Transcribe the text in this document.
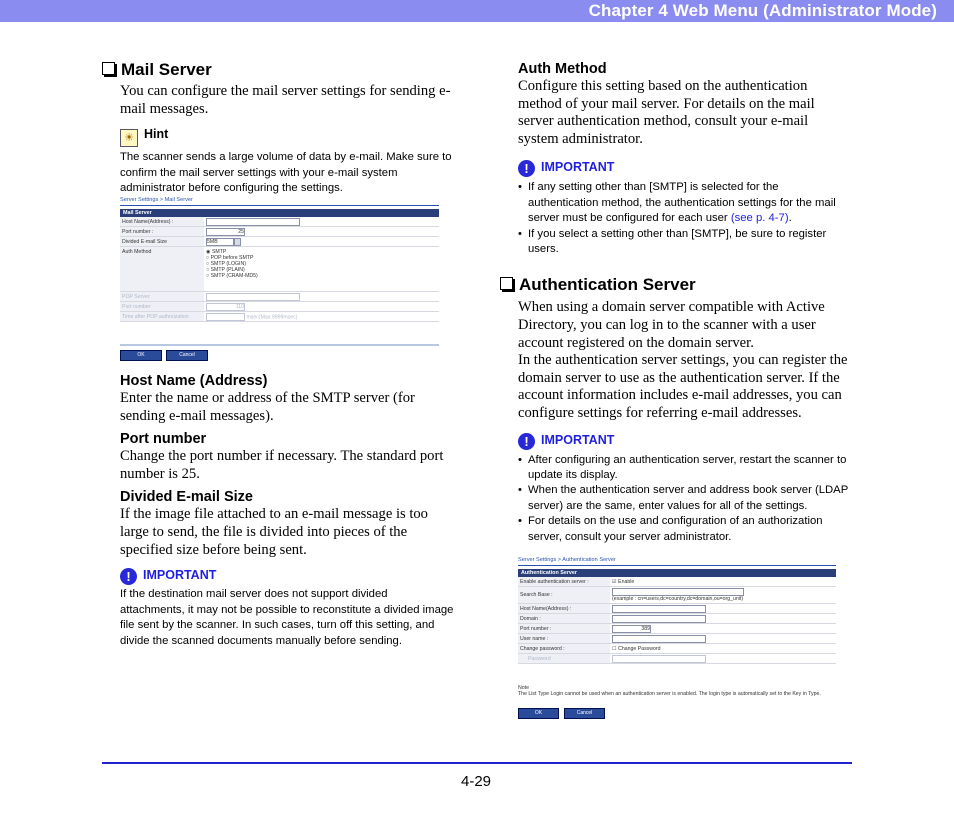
Chapter 4 Web Menu (Administrator Mode)
Mail Server

You can configure the mail server settings for sending e-mail messages.

☀ Hint

The scanner sends a large volume of data by e-mail. Make sure to confirm the mail server settings with your e-mail system administrator before configuring the settings.

Server Settings > Mail Server
Mail Server
Host Name(Address) :	
Port number :	25
Divided E-mail Size	5MB
Auth Method	◉ SMTP
○ POP before SMTP
○ SMTP (LOGIN)
○ SMTP (PLAIN)
○ SMTP (CRAM-MD5)

POP Server	
Port number	110
Time after POP authorization	msec(Max:9999msec)
OK	Cancel
Host Name (Address)

Enter the name or address of the SMTP server (for sending e-mail messages).

Port number

Change the port number if necessary. The standard port number is 25.

Divided E-mail Size

If the image file attached to an e-mail message is too large to send, the file is divided into pieces of the specified size before being sent.

! IMPORTANT

If the destination mail server does not support divided attachments, it may not be possible to reconstitute a divided image file sent by the scanner. In such cases, turn off this setting, and divide the scanned documents manually before sending.

Auth Method

Configure this setting based on the authentication method of your mail server. For details on the mail server authentication method, consult your e-mail system administrator.

! IMPORTANT
• If any setting other than [SMTP] is selected for the authentication method, the authentication settings for the mail server must be configured for each user (see p. 4-7).
• If you select a setting other than [SMTP], be sure to register users.
Authentication Server

When using a domain server compatible with Active Directory, you can log in to the scanner with a user account registered on the domain server.

In the authentication server settings, you can register the domain server to use as the authentication server. If the account information includes e-mail addresses, you can configure settings for referring e-mail addresses.

! IMPORTANT
• After configuring an authentication server, restart the scanner to update its display.
• When the authentication server and address book server (LDAP server) are the same, enter values for all of the settings.
• For details on the use and configuration of an authorization server, consult your server administrator.
Server Settings > Authentication Server
Authentication Server
Enable authentication server :	☑ Enable
Search Base :	(example : cn=users,dc=country,dc=domain,ou=org_unit)
Host Name(Address) :	
Domain :	
Port number :	389
User name :	
Change password :	☐ Change Password
Password	
Note
The List Type Login cannot be used when an authentication server is enabled. The login type is automatically set to the Key in Type.
OK	Cancel
4-29
